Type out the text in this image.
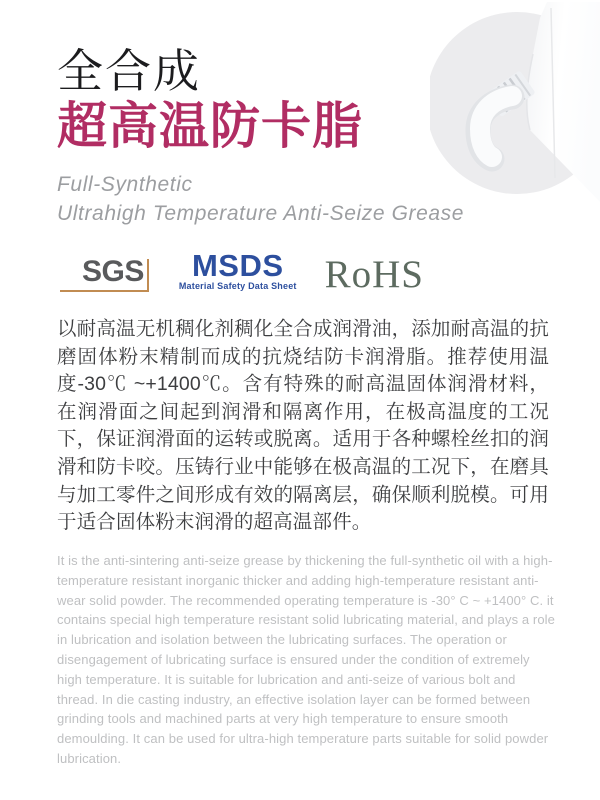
全合成
超高温防卡脂

Full-Synthetic
Ultrahigh Temperature Anti-Seize Grease

SGS MSDS
Material Safety Data Sheet RoHS

以耐高温无机稠化剂稠化全合成润滑油，添加耐高温的抗磨固体粉末精制而成的抗烧结防卡润滑脂。推荐使用温度-30℃ ~+1400℃。含有特殊的耐高温固体润滑材料，在润滑面之间起到润滑和隔离作用，在极高温度的工况下，保证润滑面的运转或脱离。适用于各种螺栓丝扣的润滑和防卡咬。压铸行业中能够在极高温的工况下，在磨具与加工零件之间形成有效的隔离层，确保顺利脱模。可用于适合固体粉末润滑的超高温部件。

It is the anti-sintering anti-seize grease by thickening the full-synthetic oil with a high-temperature resistant inorganic thicker and adding high-temperature resistant anti-wear solid powder. The recommended operating temperature is -30° C ~ +1400° C. it contains special high temperature resistant solid lubricating material, and plays a role in lubrication and isolation between the lubricating surfaces. The operation or disengagement of lubricating surface is ensured under the condition of extremely high temperature. It is suitable for lubrication and anti-seize of various bolt and thread. In die casting industry, an effective isolation layer can be formed between grinding tools and machined parts at very high temperature to ensure smooth demoulding. It can be used for ultra-high temperature parts suitable for solid powder lubrication.
